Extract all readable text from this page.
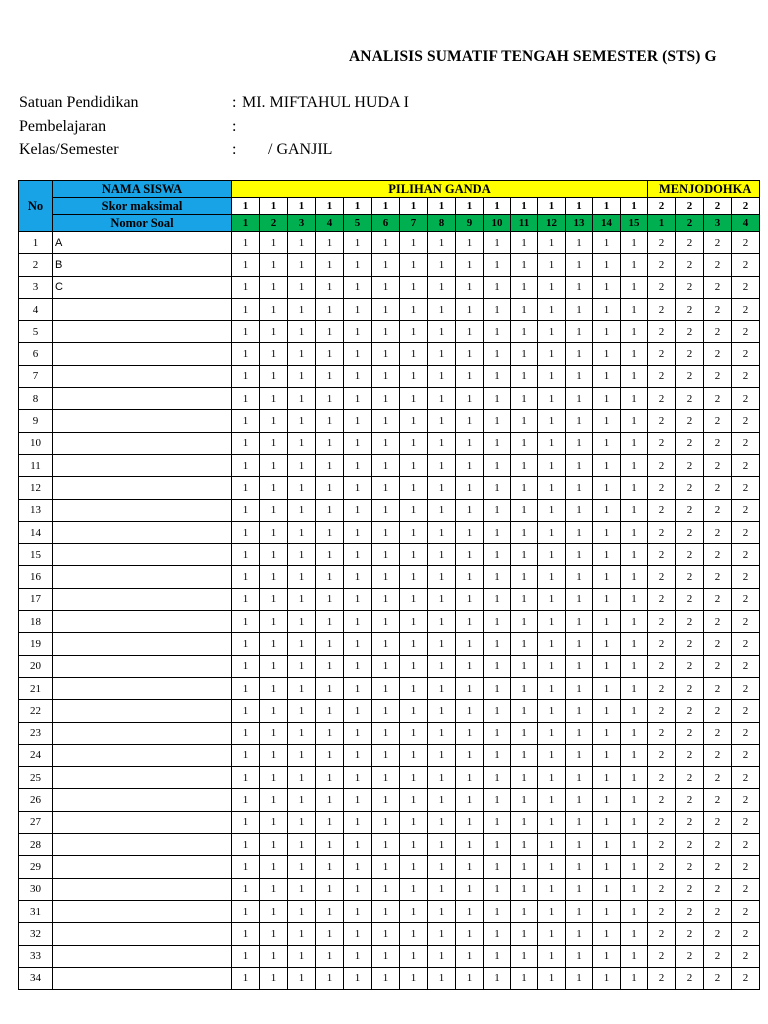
ANALISIS SUMATIF TENGAH SEMESTER (STS) G
Satuan Pendidikan	: MI. MIFTAHUL HUDA I
Pembelajaran	:
Kelas/Semester	: / GANJIL
No	NAMA SISWA	PILIHAN GANDA															MENJODOHKA			
	Skor maksimal	1	1	1	1	1	1	1	1	1	1	1	1	1	1	1	2	2	2	2
	Nomor Soal	1	2	3	4	5	6	7	8	9	10	11	12	13	14	15	1	2	3	4
1	A	1	1	1	1	1	1	1	1	1	1	1	1	1	1	1	2	2	2	2
2	B	1	1	1	1	1	1	1	1	1	1	1	1	1	1	1	2	2	2	2
3	C	1	1	1	1	1	1	1	1	1	1	1	1	1	1	1	2	2	2	2
4		1	1	1	1	1	1	1	1	1	1	1	1	1	1	1	2	2	2	2
5		1	1	1	1	1	1	1	1	1	1	1	1	1	1	1	2	2	2	2
6		1	1	1	1	1	1	1	1	1	1	1	1	1	1	1	2	2	2	2
7		1	1	1	1	1	1	1	1	1	1	1	1	1	1	1	2	2	2	2
8		1	1	1	1	1	1	1	1	1	1	1	1	1	1	1	2	2	2	2
9		1	1	1	1	1	1	1	1	1	1	1	1	1	1	1	2	2	2	2
10		1	1	1	1	1	1	1	1	1	1	1	1	1	1	1	2	2	2	2
11		1	1	1	1	1	1	1	1	1	1	1	1	1	1	1	2	2	2	2
12		1	1	1	1	1	1	1	1	1	1	1	1	1	1	1	2	2	2	2
13		1	1	1	1	1	1	1	1	1	1	1	1	1	1	1	2	2	2	2
14		1	1	1	1	1	1	1	1	1	1	1	1	1	1	1	2	2	2	2
15		1	1	1	1	1	1	1	1	1	1	1	1	1	1	1	2	2	2	2
16		1	1	1	1	1	1	1	1	1	1	1	1	1	1	1	2	2	2	2
17		1	1	1	1	1	1	1	1	1	1	1	1	1	1	1	2	2	2	2
18		1	1	1	1	1	1	1	1	1	1	1	1	1	1	1	2	2	2	2
19		1	1	1	1	1	1	1	1	1	1	1	1	1	1	1	2	2	2	2
20		1	1	1	1	1	1	1	1	1	1	1	1	1	1	1	2	2	2	2
21		1	1	1	1	1	1	1	1	1	1	1	1	1	1	1	2	2	2	2
22		1	1	1	1	1	1	1	1	1	1	1	1	1	1	1	2	2	2	2
23		1	1	1	1	1	1	1	1	1	1	1	1	1	1	1	2	2	2	2
24		1	1	1	1	1	1	1	1	1	1	1	1	1	1	1	2	2	2	2
25		1	1	1	1	1	1	1	1	1	1	1	1	1	1	1	2	2	2	2
26		1	1	1	1	1	1	1	1	1	1	1	1	1	1	1	2	2	2	2
27		1	1	1	1	1	1	1	1	1	1	1	1	1	1	1	2	2	2	2
28		1	1	1	1	1	1	1	1	1	1	1	1	1	1	1	2	2	2	2
29		1	1	1	1	1	1	1	1	1	1	1	1	1	1	1	2	2	2	2
30		1	1	1	1	1	1	1	1	1	1	1	1	1	1	1	2	2	2	2
31		1	1	1	1	1	1	1	1	1	1	1	1	1	1	1	2	2	2	2
32		1	1	1	1	1	1	1	1	1	1	1	1	1	1	1	2	2	2	2
33		1	1	1	1	1	1	1	1	1	1	1	1	1	1	1	2	2	2	2
34		1	1	1	1	1	1	1	1	1	1	1	1	1	1	1	2	2	2	2
